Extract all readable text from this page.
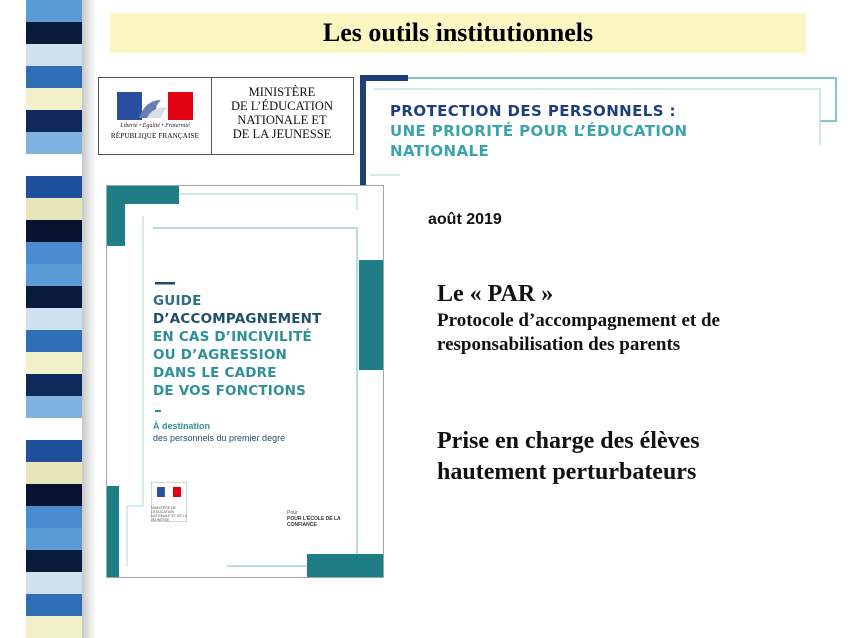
Les outils institutionnels
Liberté • Égalité • Fraternité
RÉPUBLIQUE FRANÇAISE
MINISTÈRE
DE L’ÉDUCATION
NATIONALE ET
DE LA JEUNESSE
PROTECTION DES PERSONNELS :
UNE PRIORITÉ POUR L’ÉDUCATION
NATIONALE
GUIDE
D’ACCOMPAGNEMENT
EN CAS D’INCIVILITÉ
OU D’AGRESSION
DANS LE CADRE
DE VOS FONCTIONS
À destination
des personnels du premier degré
MINISTÈRE DE L’ÉDUCATION NATIONALE ET DE LA JEUNESSE
Pour
POUR L’ÉCOLE DE LA CONFIANCE
août 2019
Le « PAR »
Protocole d’accompagnement et de
responsabilisation des parents
Prise en charge des élèves
hautement perturbateurs
